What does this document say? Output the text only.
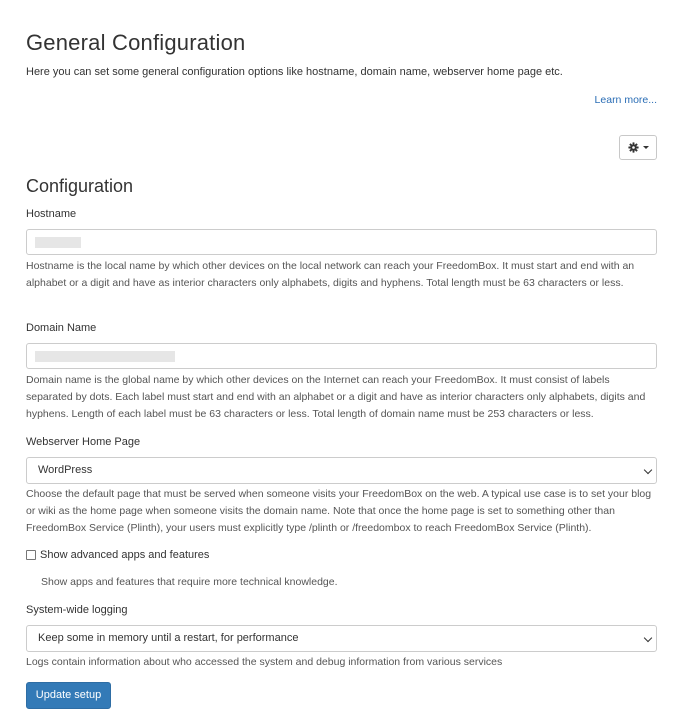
General Configuration
Here you can set some general configuration options like hostname, domain name, webserver home page etc.
Learn more...
Configuration
Hostname
Hostname is the local name by which other devices on the local network can reach your FreedomBox. It must start and end with an alphabet or a digit and have as interior characters only alphabets, digits and hyphens. Total length must be 63 characters or less.
Domain Name
Domain name is the global name by which other devices on the Internet can reach your FreedomBox. It must consist of labels separated by dots. Each label must start and end with an alphabet or a digit and have as interior characters only alphabets, digits and hyphens. Length of each label must be 63 characters or less. Total length of domain name must be 253 characters or less.
Webserver Home Page
WordPress
Choose the default page that must be served when someone visits your FreedomBox on the web. A typical use case is to set your blog or wiki as the home page when someone visits the domain name. Note that once the home page is set to something other than FreedomBox Service (Plinth), your users must explicitly type /plinth or /freedombox to reach FreedomBox Service (Plinth).
Show advanced apps and features
Show apps and features that require more technical knowledge.
System-wide logging
Keep some in memory until a restart, for performance
Logs contain information about who accessed the system and debug information from various services
Update setup
